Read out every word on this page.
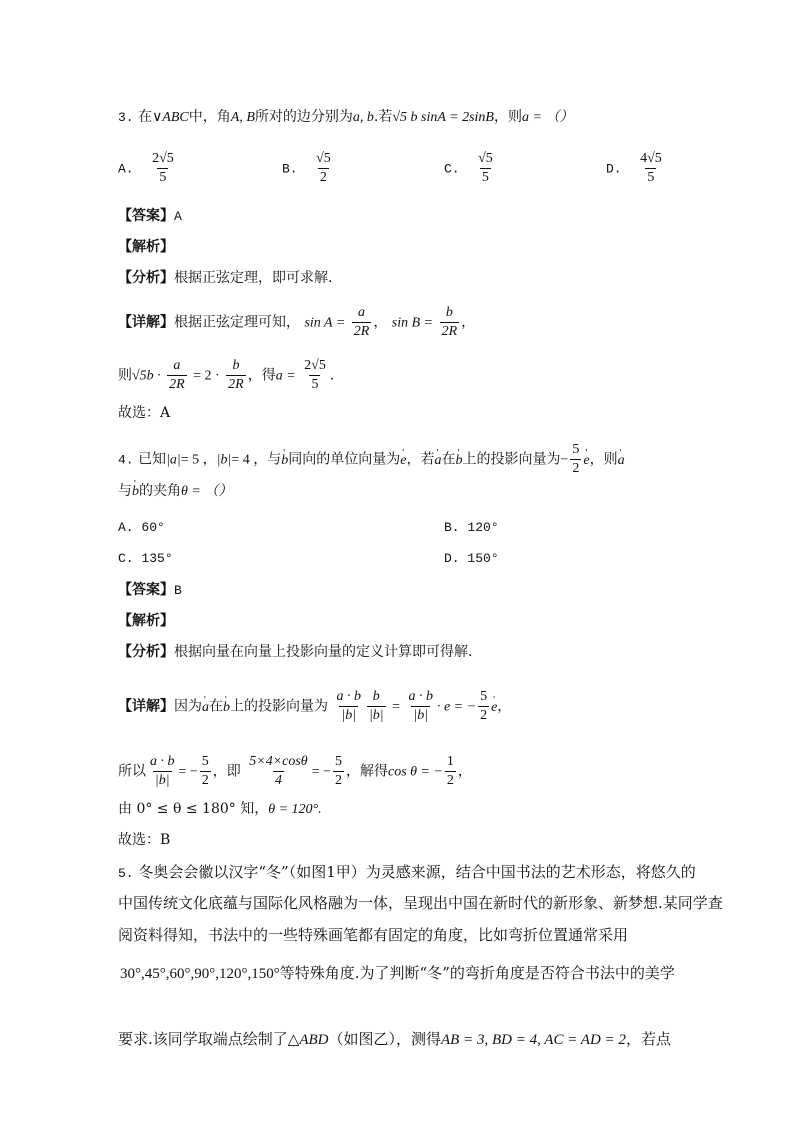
3. 在∨ABC中，角A, B所对的边分别为a, b.若√5 b sinA = 2sinB，则a = （）
A. $\frac{2√5}{5}$	B. $\frac{√5}{2}$	C. $\frac{√5}{5}$	D. $\frac{4√5}{5}$
【答案】A
【解析】
【分析】根据正弦定理，即可求解.
【详解】根据正弦定理可知， $\sin A = \frac{a}{2R}$ ， $\sin B = \frac{b}{2R}$ ，
则$√5b \cdot \frac{a}{2R} = 2 \cdot \frac{b}{2R}$ ，得$a = \frac{2√5}{5}$ .
故选：A
4. 已知|a|= 5 ，|b|= 4 ，与' b同向的单位向量为' e，若' a在' b上的投影向量为− $\frac{5}{2}$ ' e，则' a
与' b的夹角θ = （）
A. 60°	B. 120°
C. 135°	D. 150°
【答案】B
【解析】
【分析】根据向量在向量上投影向量的定义计算即可得解.
【详解】因为' a在' b上的投影向量为 $\frac{a \cdot b}{|b|} \frac{b}{|b|} = \frac{a \cdot b}{|b|} \cdot e$ = − $\frac{5}{2}$ ' e，
所以 $\frac{a \cdot b}{|b|}$ = − $\frac{5}{2}$ ，即 $\frac{5\times 4\times\cos\theta}{4}$ = − $\frac{5}{2}$ ，解得cos θ = − $\frac{1}{2}$ ，
由 0° ≤ θ ≤ 180° 知，θ = 120°.
故选：B
5. 冬奥会会徽以汉字“冬”（如图1甲）为灵感来源，结合中国书法的艺术形态，将悠久的
中国传统文化底蕴与国际化风格融为一体，呈现出中国在新时代的新形象、新梦想.某同学查
阅资料得知，书法中的一些特殊画笔都有固定的角度，比如弯折位置通常采用
30°,45°,60°,90°,120°,150°等特殊角度.为了判断“冬”的弯折角度是否符合书法中的美学
要求.该同学取端点绘制了△ABD（如图乙），测得AB = 3, BD = 4, AC = AD = 2，若点
